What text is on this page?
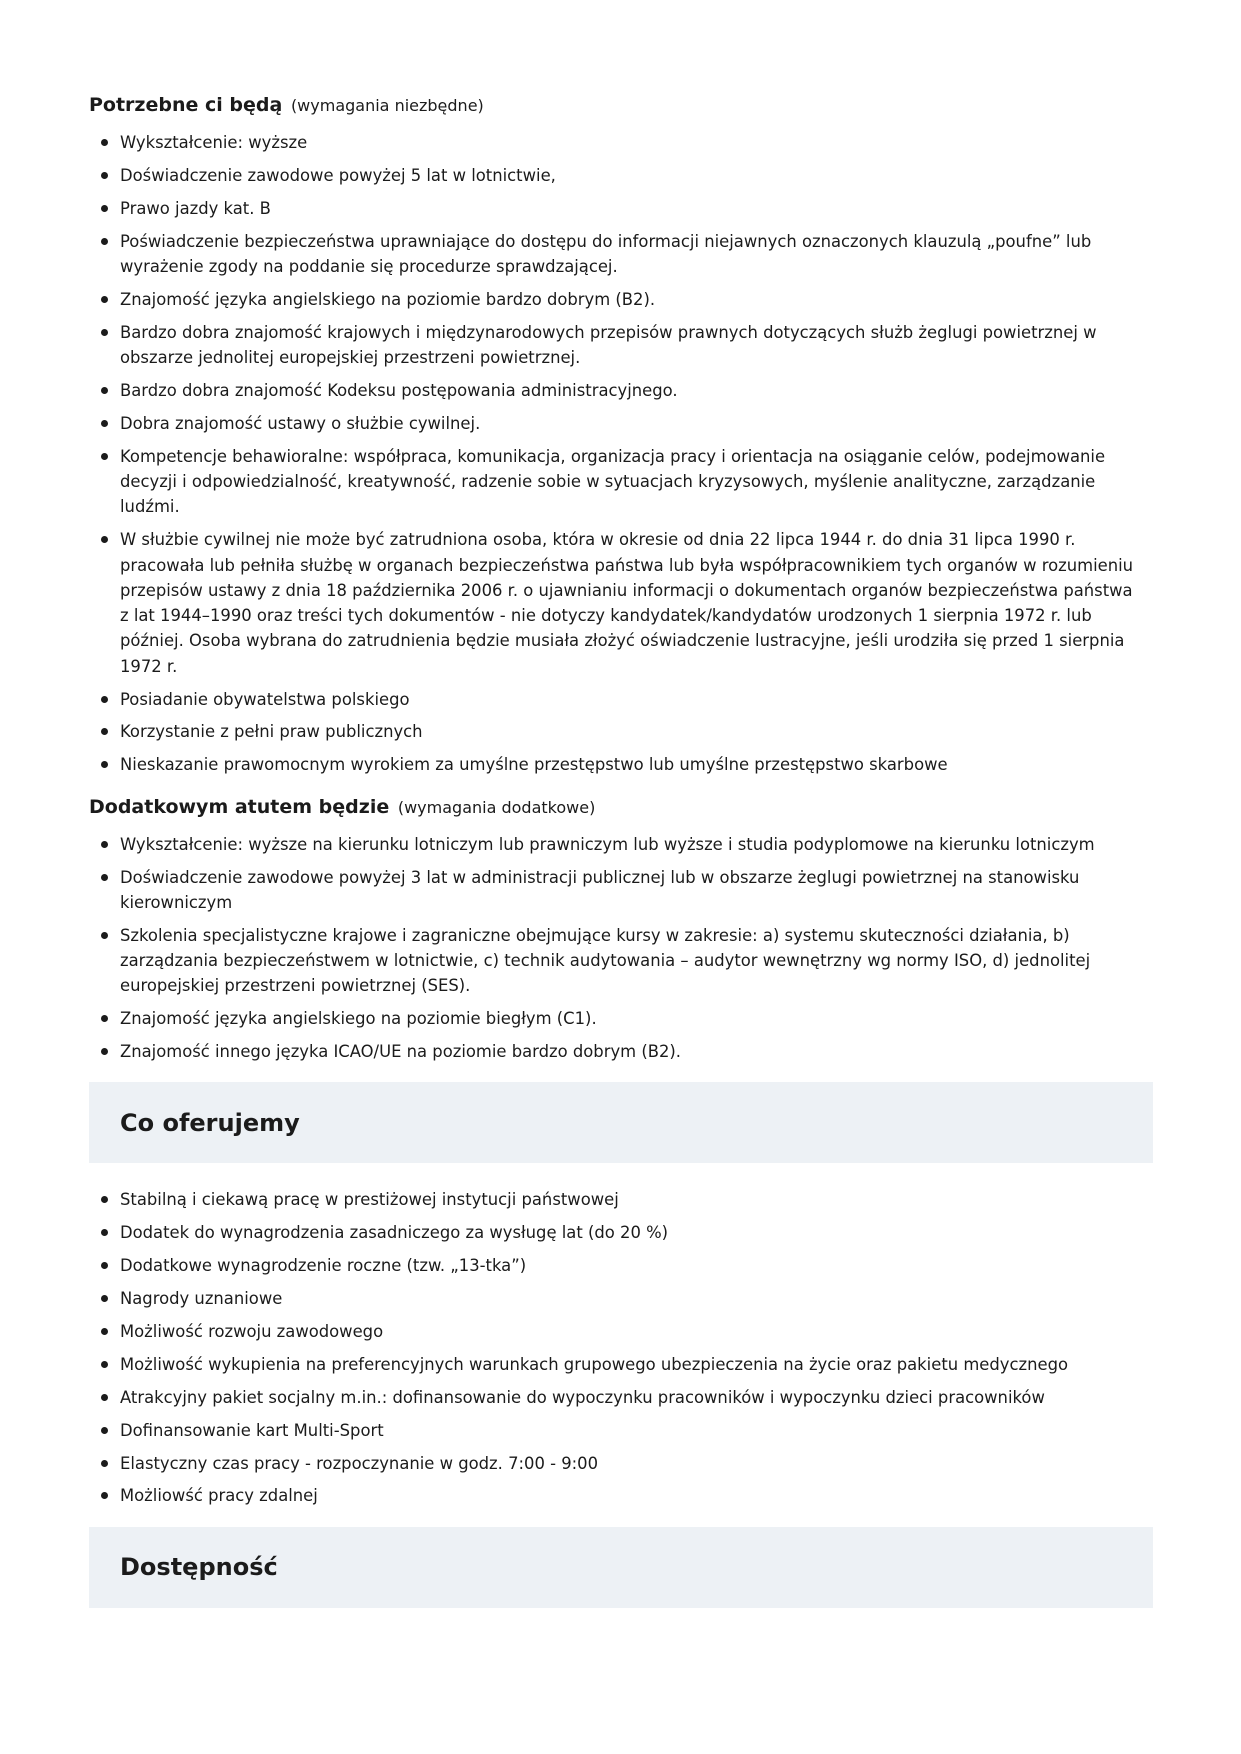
Potrzebne ci będą (wymagania niezbędne)
Wykształcenie: wyższe
Doświadczenie zawodowe powyżej 5 lat w lotnictwie,
Prawo jazdy kat. B
Poświadczenie bezpieczeństwa uprawniające do dostępu do informacji niejawnych oznaczonych klauzulą „poufne” lub wyrażenie zgody na poddanie się procedurze sprawdzającej.
Znajomość języka angielskiego na poziomie bardzo dobrym (B2).
Bardzo dobra znajomość krajowych i międzynarodowych przepisów prawnych dotyczących służb żeglugi powietrznej w obszarze jednolitej europejskiej przestrzeni powietrznej.
Bardzo dobra znajomość Kodeksu postępowania administracyjnego.
Dobra znajomość ustawy o służbie cywilnej.
Kompetencje behawioralne: współpraca, komunikacja, organizacja pracy i orientacja na osiąganie celów, podejmowanie decyzji i odpowiedzialność, kreatywność, radzenie sobie w sytuacjach kryzysowych, myślenie analityczne, zarządzanie ludźmi.
W służbie cywilnej nie może być zatrudniona osoba, która w okresie od dnia 22 lipca 1944 r. do dnia 31 lipca 1990 r. pracowała lub pełniła służbę w organach bezpieczeństwa państwa lub była współpracownikiem tych organów w rozumieniu przepisów ustawy z dnia 18 października 2006 r. o ujawnianiu informacji o dokumentach organów bezpieczeństwa państwa z lat 1944–1990 oraz treści tych dokumentów - nie dotyczy kandydatek/kandydatów urodzonych 1 sierpnia 1972 r. lub później. Osoba wybrana do zatrudnienia będzie musiała złożyć oświadczenie lustracyjne, jeśli urodziła się przed 1 sierpnia 1972 r.
Posiadanie obywatelstwa polskiego
Korzystanie z pełni praw publicznych
Nieskazanie prawomocnym wyrokiem za umyślne przestępstwo lub umyślne przestępstwo skarbowe
Dodatkowym atutem będzie (wymagania dodatkowe)
Wykształcenie: wyższe na kierunku lotniczym lub prawniczym lub wyższe i studia podyplomowe na kierunku lotniczym
Doświadczenie zawodowe powyżej 3 lat w administracji publicznej lub w obszarze żeglugi powietrznej na stanowisku kierowniczym
Szkolenia specjalistyczne krajowe i zagraniczne obejmujące kursy w zakresie: a) systemu skuteczności działania, b) zarządzania bezpieczeństwem w lotnictwie, c) technik audytowania – audytor wewnętrzny wg normy ISO, d) jednolitej europejskiej przestrzeni powietrznej (SES).
Znajomość języka angielskiego na poziomie biegłym (C1).
Znajomość innego języka ICAO/UE na poziomie bardzo dobrym (B2).
Co oferujemy
Stabilną i ciekawą pracę w prestiżowej instytucji państwowej
Dodatek do wynagrodzenia zasadniczego za wysługę lat (do 20 %)
Dodatkowe wynagrodzenie roczne (tzw. „13-tka”)
Nagrody uznaniowe
Możliwość rozwoju zawodowego
Możliwość wykupienia na preferencyjnych warunkach grupowego ubezpieczenia na życie oraz pakietu medycznego
Atrakcyjny pakiet socjalny m.in.: dofinansowanie do wypoczynku pracowników i wypoczynku dzieci pracowników
Dofinansowanie kart Multi-Sport
Elastyczny czas pracy - rozpoczynanie w godz. 7:00 - 9:00
Możliowść pracy zdalnej
Dostępność
